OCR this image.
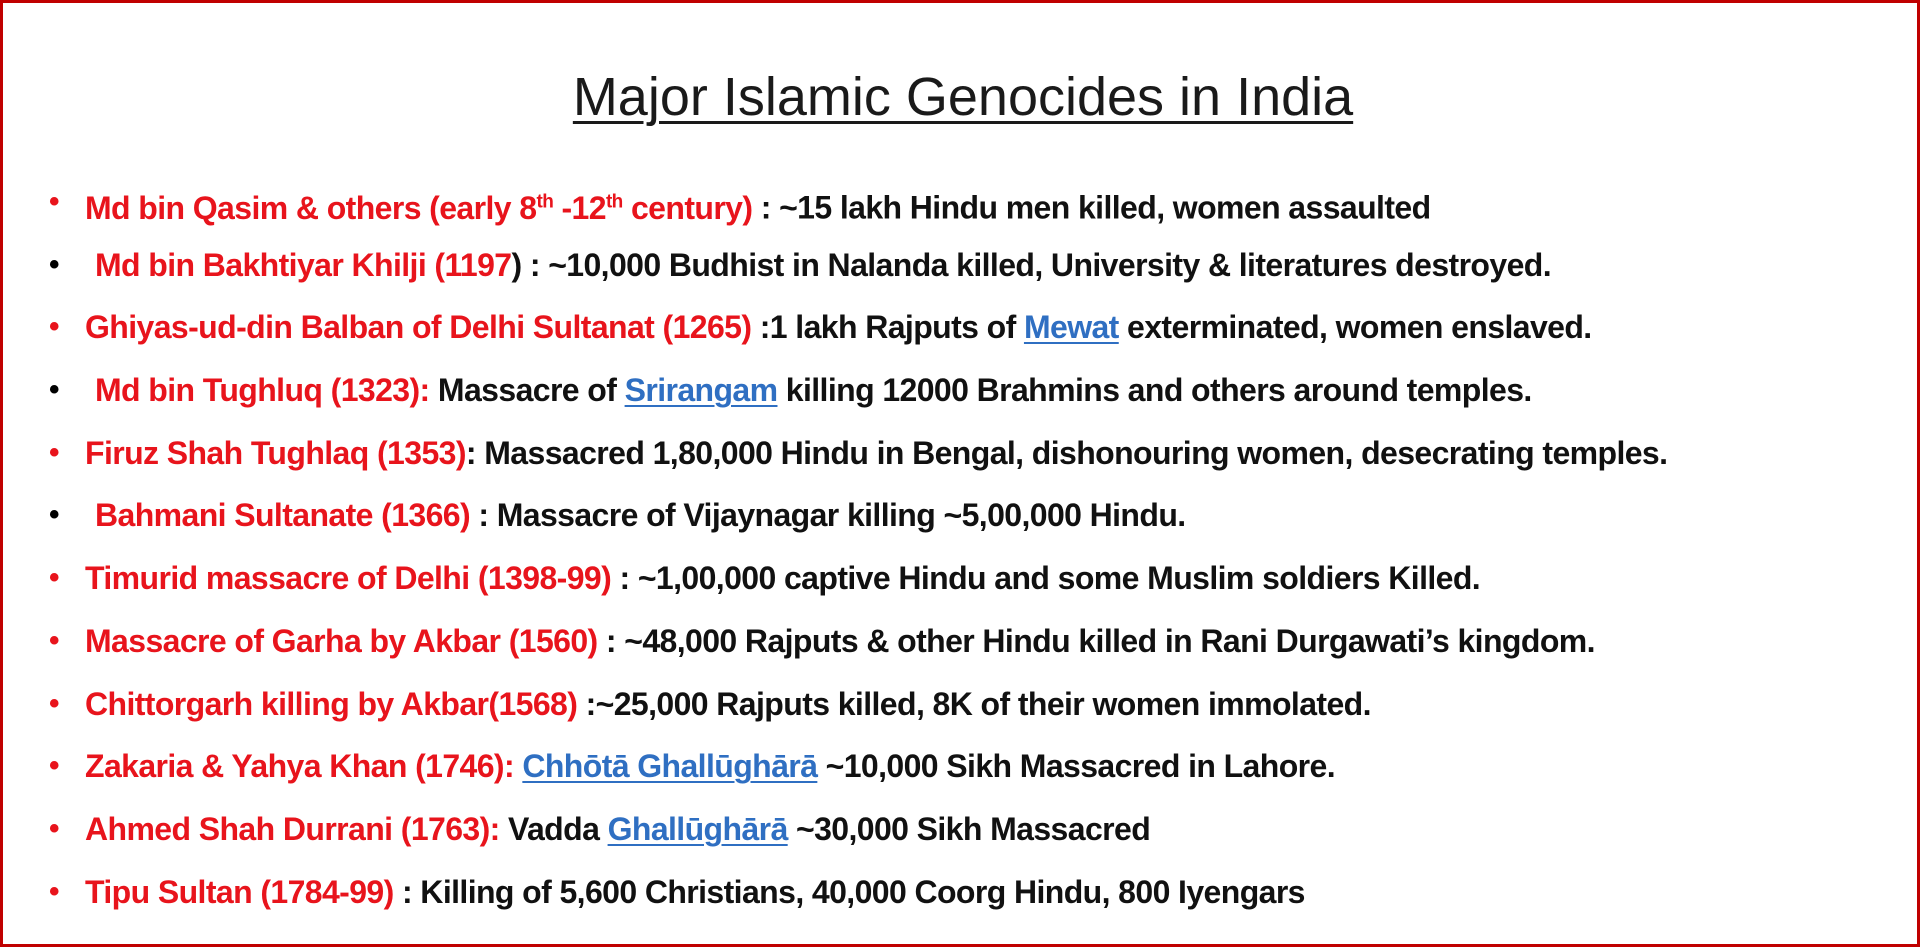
Major Islamic Genocides in India
• Md bin Qasim & others (early 8th -12th century) : ~15 lakh Hindu men killed, women assaulted
• Md bin Bakhtiyar Khilji (1197) : ~10,000 Budhist in Nalanda killed, University & literatures destroyed.
• Ghiyas-ud-din Balban of Delhi Sultanat (1265) :1 lakh Rajputs of Mewat exterminated, women enslaved.
• Md bin Tughluq (1323): Massacre of Srirangam killing 12000 Brahmins and others around temples.
• Firuz Shah Tughlaq (1353): Massacred 1,80,000 Hindu in Bengal, dishonouring women, desecrating temples.
• Bahmani Sultanate (1366) : Massacre of Vijaynagar killing ~5,00,000 Hindu.
• Timurid massacre of Delhi (1398-99) : ~1,00,000 captive Hindu and some Muslim soldiers Killed.
• Massacre of Garha by Akbar (1560) : ~48,000 Rajputs & other Hindu killed in Rani Durgawati’s kingdom.
• Chittorgarh killing by Akbar(1568) :~25,000 Rajputs killed, 8K of their women immolated.
• Zakaria & Yahya Khan (1746): Chhōtā Ghallūghārā ~10,000 Sikh Massacred in Lahore.
• Ahmed Shah Durrani (1763): Vadda Ghallūghārā ~30,000 Sikh Massacred
• Tipu Sultan (1784-99) : Killing of 5,600 Christians, 40,000 Coorg Hindu, 800 Iyengars
